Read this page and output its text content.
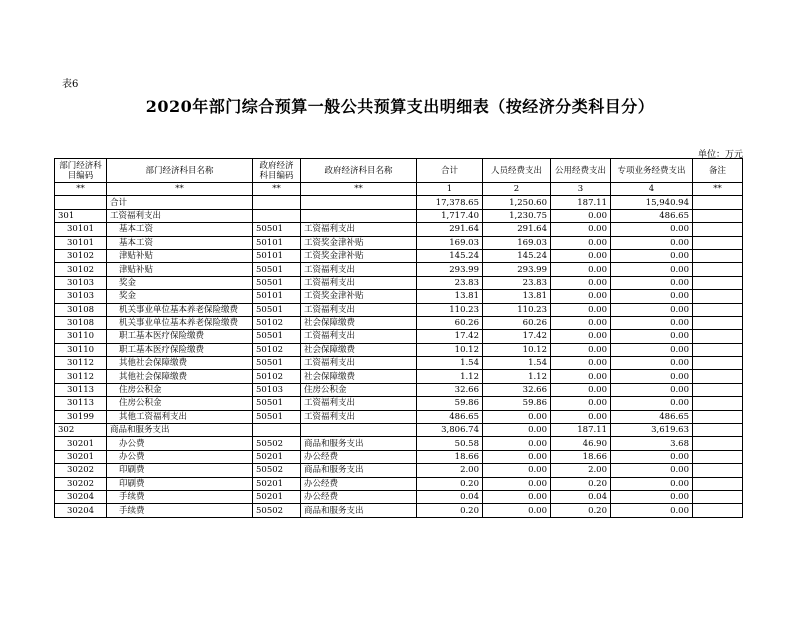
表6
2020年部门综合预算一般公共预算支出明细表（按经济分类科目分）
单位：万元
部门经济科目编码	部门经济科目名称	政府经济科目编码	政府经济科目名称	合计	人员经费支出	公用经费支出	专项业务经费支出	备注
**	**	**	**	1	2	3	4	**
	合计			17,378.65	1,250.60	187.11	15,940.94	
301	工资福利支出			1,717.40	1,230.75	0.00	486.65	
30101	基本工资	50501	工资福利支出	291.64	291.64	0.00	0.00	
30101	基本工资	50101	工资奖金津补贴	169.03	169.03	0.00	0.00	
30102	津贴补贴	50101	工资奖金津补贴	145.24	145.24	0.00	0.00	
30102	津贴补贴	50501	工资福利支出	293.99	293.99	0.00	0.00	
30103	奖金	50501	工资福利支出	23.83	23.83	0.00	0.00	
30103	奖金	50101	工资奖金津补贴	13.81	13.81	0.00	0.00	
30108	机关事业单位基本养老保险缴费	50501	工资福利支出	110.23	110.23	0.00	0.00	
30108	机关事业单位基本养老保险缴费	50102	社会保障缴费	60.26	60.26	0.00	0.00	
30110	职工基本医疗保险缴费	50501	工资福利支出	17.42	17.42	0.00	0.00	
30110	职工基本医疗保险缴费	50102	社会保障缴费	10.12	10.12	0.00	0.00	
30112	其他社会保障缴费	50501	工资福利支出	1.54	1.54	0.00	0.00	
30112	其他社会保障缴费	50102	社会保障缴费	1.12	1.12	0.00	0.00	
30113	住房公积金	50103	住房公积金	32.66	32.66	0.00	0.00	
30113	住房公积金	50501	工资福利支出	59.86	59.86	0.00	0.00	
30199	其他工资福利支出	50501	工资福利支出	486.65	0.00	0.00	486.65	
302	商品和服务支出			3,806.74	0.00	187.11	3,619.63	
30201	办公费	50502	商品和服务支出	50.58	0.00	46.90	3.68	
30201	办公费	50201	办公经费	18.66	0.00	18.66	0.00	
30202	印刷费	50502	商品和服务支出	2.00	0.00	2.00	0.00	
30202	印刷费	50201	办公经费	0.20	0.00	0.20	0.00	
30204	手续费	50201	办公经费	0.04	0.00	0.04	0.00	
30204	手续费	50502	商品和服务支出	0.20	0.00	0.20	0.00	
